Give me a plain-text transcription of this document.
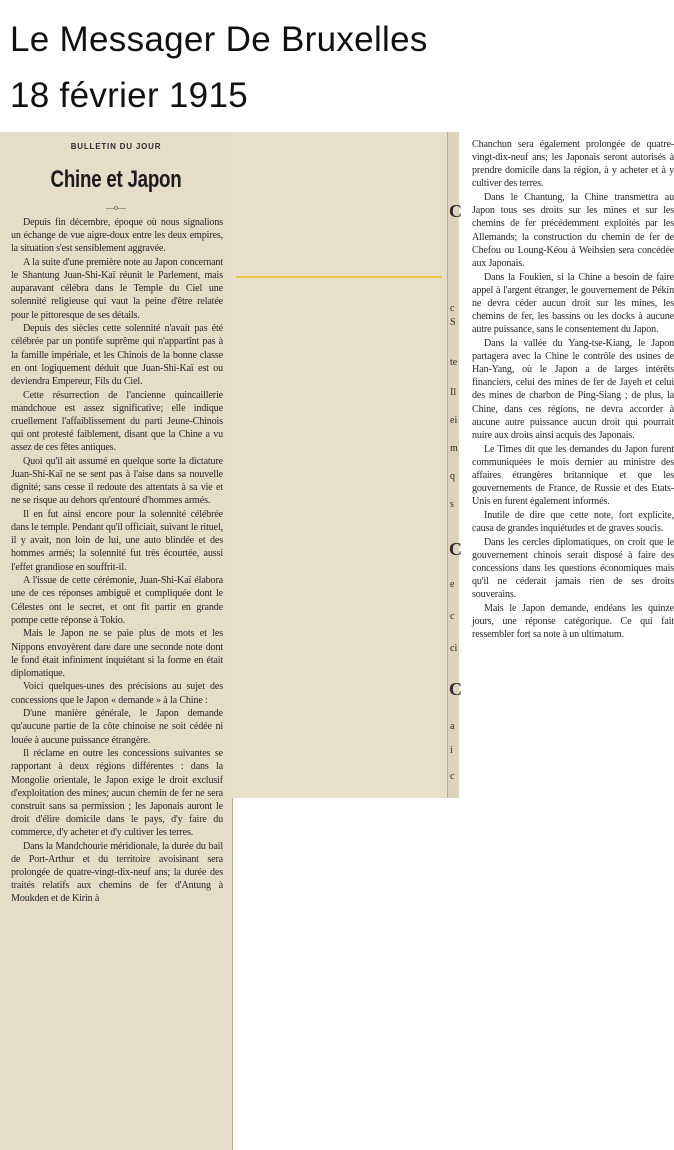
Le Messager De Bruxelles
18 février 1915
BULLETIN DU JOUR
Chine et Japon
—o—

Depuis fin décembre, époque où nous signalions un échange de vue aigre-doux entre les deux empires, la situation s'est sensiblement aggravée.

A la suite d'une première note au Japon concernant le Shantung Juan-Shi-Kaï réunit le Parlement, mais auparavant célébra dans le Temple du Ciel une solennité religieuse qui vaut la peine d'être relatée pour le pittoresque de ses détails.

Depuis des siècles cette solennité n'avait pas été célébrée par un pontife suprême qui n'appartînt pas à la famille impériale, et les Chinois de la bonne classe en ont logiquement déduit que Juan-Shi-Kaï est ou deviendra Empereur, Fils du Ciel.

Cette résurrection de l'ancienne quincaillerie mandchoue est assez significative; elle indique cruellement l'affaiblissement du parti Jeune-Chinois qui ont protesté faiblement, disant que la Chine a vu assez de ces fêtes antiques.

Quoi qu'il ait assumé en quelque sorte la dictature Juan-Shi-Kaï ne se sent pas à l'aise dans sa nouvelle dignité; sans cesse il redoute des attentats à sa vie et ne se risque au dehors qu'entouré d'hommes armés.

Il en fut ainsi encore pour la solennité célébrée dans le temple. Pendant qu'il officiait, suivant le rituel, il y avait, non loin de lui, une auto blindée et des hommes armés; la solennité fut très écourtée, aussi l'effet grandiose en souffrit-il.

A l'issue de cette cérémonie, Juan-Shi-Kaï élabora une de ces réponses ambiguë et compliquée dont le Célestes ont le secret, et ont fit partir en grande pompe cette réponse à Tokio.

Mais le Japon ne se paie plus de mots et les Nippons envoyèrent dare dare une seconde note dont le fond était infiniment inquiétant si la forme en était diplomatique.

Voici quelques-unes des précisions au sujet des concessions que le Japon « demande » à la Chine :

D'une manière générale, le Japon demande qu'aucune partie de la côte chinoise ne soit cédée ni louée à aucune puissance étrangère.

Il réclame en outre les concessions suivantes se rapportant à deux régions différentes : dans la Mongolie orientale, le Japon exige le droit exclusif d'exploitation des mines; aucun chemin de fer ne sera construit sans sa permission ; les Japonais auront le droit d'élire domicile dans le pays, d'y faire du commerce, d'y acheter et d'y cultiver les terres.

Dans la Mandchourie méridionale, la durée du bail de Port-Arthur et du territoire avoisinant sera prolongée de quatre-vingt-dix-neuf ans; la durée des traités relatifs aux chemins de fer d'Antung à Moukden et de Kirin à

Chanchun sera également prolongée de quatre-vingt-dix-neuf ans; les Japonais seront autorisés à prendre domicile dans la région, à y acheter et à y cultiver des terres.

Dans le Chantung, la Chine transmettra au Japon tous ses droits sur les mines et sur les chemins de fer précédemment exploités par les Allemands; la construction du chemin de fer de Chefou ou Loung-Kéou à Weihsien sera concédée aux Japonais.

Dans la Foukien, si la Chine a besoin de faire appel à l'argent étranger, le gouvernement de Pékin ne devra céder aucun droit sur les mines, les chemins de fer, les bassins ou les docks à aucune autre puissance, sans le consentement du Japon.

Dans la vallée du Yang-tse-Kiang, le Japon partagera avec la Chine le contrôle des usines de Han-Yang, où le Japon a de larges intérêts financiers, celui des mines de fer de Jayeh et celui des mines de charbon de Ping-Siang ; de plus, la Chine, dans ces régions, ne devra accorder à aucune autre puissance aucun droit qui pourrait nuire aux droits ainsi acquis des Japonais.

Le Times dit que les demandes du Japon furent communiquées le mois dernier au ministre des affaires étrangères britannique et que les gouvernements de France, de Russie et des Etats-Unis en furent également informés.

Inutile de dire que cette note, fort explicite, causa de grandes inquiétudes et de graves soucis.

Dans les cercles diplomatiques, on croit que le gouvernement chinois serait disposé à faire des concessions dans les questions économiques mais qu'il ne céderait jamais rien de ses droits souverains.

Mais le Japon demande, endéans les quinze jours, une réponse catégorique. Ce qui fait ressembler fort sa note à un ultimatum.

C
c
S
te
Il
ei
m
q
s
C
e
c
ci
C
a
i
c
